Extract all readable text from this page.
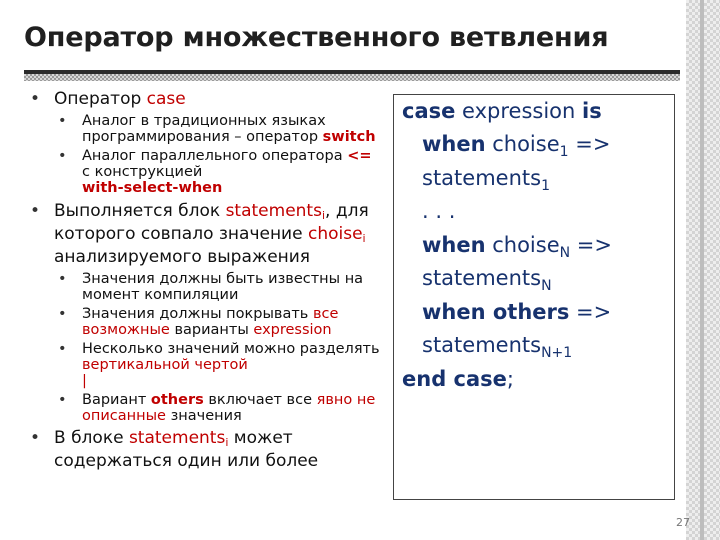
Оператор множественного ветвления
• Оператор case
• Аналог в традиционных языках программирования – оператор switch
• Аналог параллельного оператора <= с конструкцией
with-select-when
• Выполняется блок statements$_i$, для которого совпало значение choise$_i$ анализируемого выражения
• Значения должны быть известны на момент компиляции
• Значения должны покрывать все возможные варианты expression
• Несколько значений можно разделять вертикальной чертой
|
• Вариант others включает все явно не описанные значения
• В блоке statements$_i$ может
содержаться один или более
case expression is
when choise$_1$ =>
statements$_1$
. . .
when choise$_N$ =>
statements$_N$
when others =>
statements$_{N+1}$
end case;
27
